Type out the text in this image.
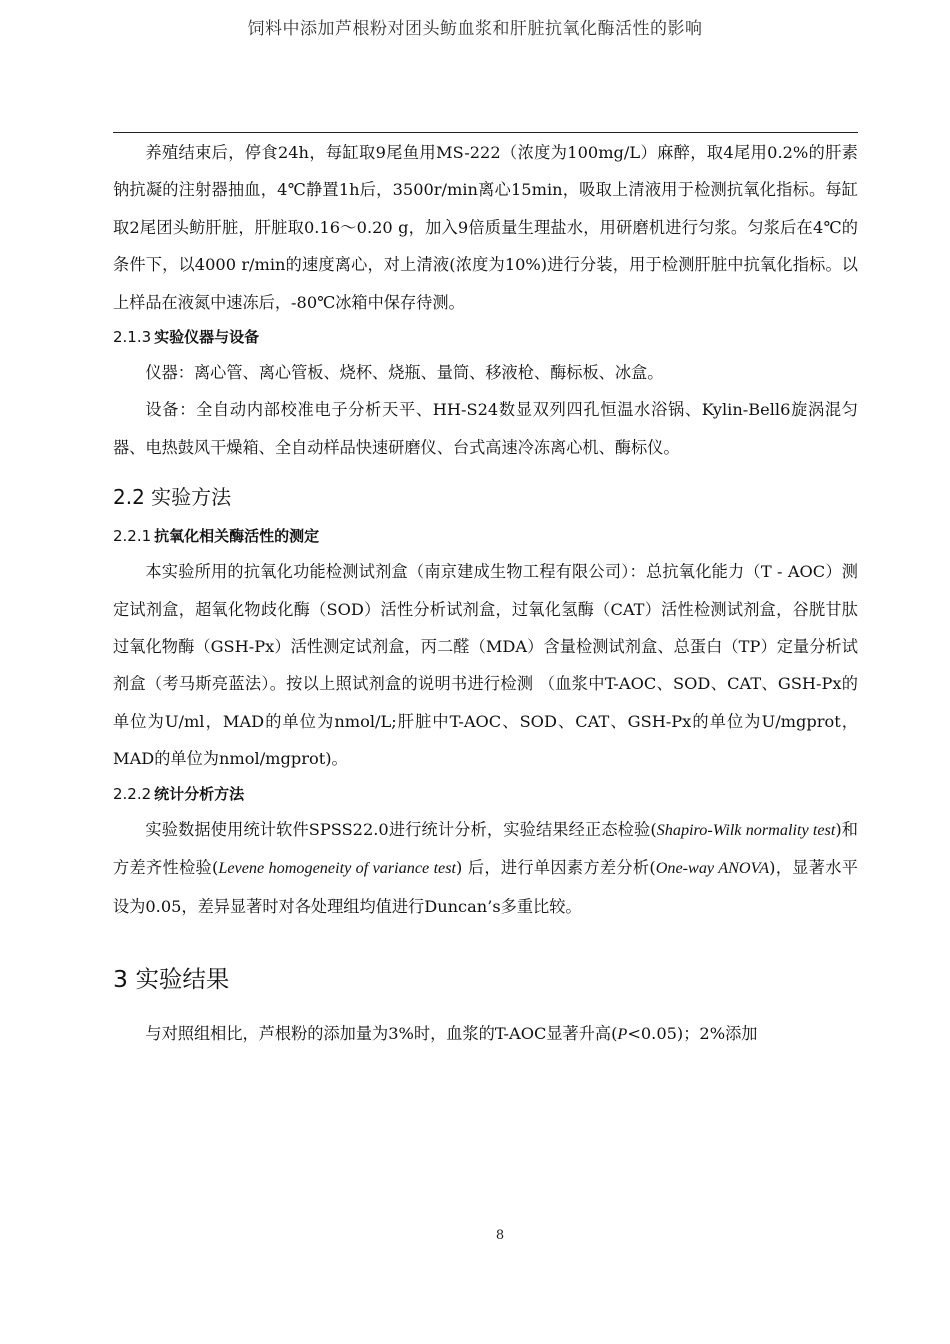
饲料中添加芦根粉对团头鲂血浆和肝脏抗氧化酶活性的影响

养殖结束后，停食24h，每缸取9尾鱼用MS-222（浓度为100mg/L）麻醉，取4尾用0.2%的肝素钠抗凝的注射器抽血，4℃静置1h后，3500r/min离心15min，吸取上清液用于检测抗氧化指标。每缸取2尾团头鲂肝脏，肝脏取0.16～0.20 g，加入9倍质量生理盐水，用研磨机进行匀浆。匀浆后在4℃的条件下，以4000 r/min的速度离心，对上清液(浓度为10%)进行分装，用于检测肝脏中抗氧化指标。以上样品在液氮中速冻后，-80℃冰箱中保存待测。

2.1.3 实验仪器与设备

仪器：离心管、离心管板、烧杯、烧瓶、量筒、移液枪、酶标板、冰盒。

设备：全自动内部校准电子分析天平、HH-S24数显双列四孔恒温水浴锅、Kylin-Bell6旋涡混匀器、电热鼓风干燥箱、全自动样品快速研磨仪、台式高速冷冻离心机、酶标仪。

2.2 实验方法
2.2.1 抗氧化相关酶活性的测定

本实验所用的抗氧化功能检测试剂盒（南京建成生物工程有限公司）：总抗氧化能力（T - AOC）测定试剂盒，超氧化物歧化酶（SOD）活性分析试剂盒，过氧化氢酶（CAT）活性检测试剂盒，谷胱甘肽过氧化物酶（GSH-Px）活性测定试剂盒，丙二醛（MDA）含量检测试剂盒、总蛋白（TP）定量分析试剂盒（考马斯亮蓝法）。按以上照试剂盒的说明书进行检测 （血浆中T-AOC、SOD、CAT、GSH-Px的单位为U/ml，MAD的单位为nmol/L;肝脏中T-AOC、SOD、CAT、GSH-Px的单位为U/mgprot，MAD的单位为nmol/mgprot)。

2.2.2 统计分析方法

实验数据使用统计软件SPSS22.0进行统计分析，实验结果经正态检验(Shapiro-Wilk normality test)和方差齐性检验(Levene homogeneity of variance test) 后，进行单因素方差分析(One-way ANOVA)，显著水平设为0.05，差异显著时对各处理组均值进行Duncan’s多重比较。

3 实验结果

与对照组相比，芦根粉的添加量为3%时，血浆的T-AOC显著升高(P<0.05)；2%添加

8
